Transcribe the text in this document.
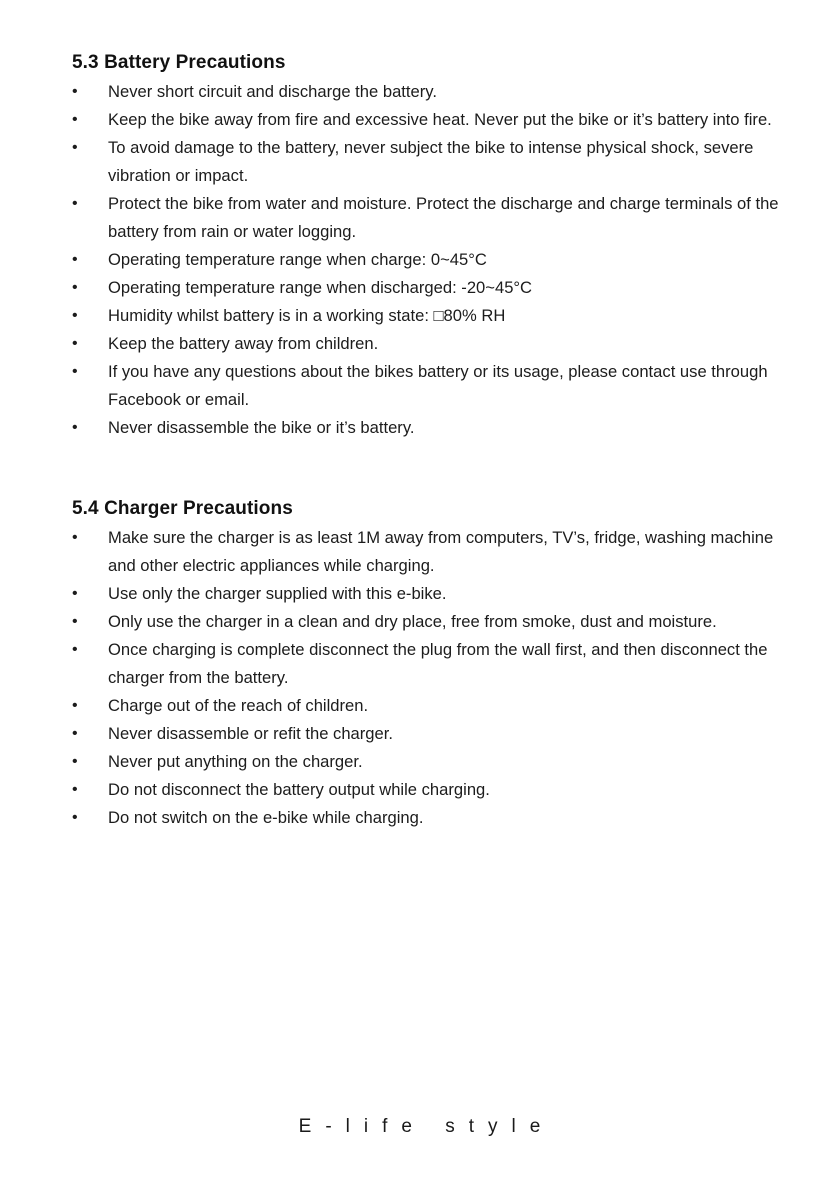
5.3 Battery Precautions
•	Never short circuit and discharge the battery.
•	Keep the bike away from fire and excessive heat. Never put the bike or it’s battery into fire.
•	To avoid damage to the battery, never subject the bike to intense physical shock, severe vibration or impact.
•	Protect the bike from water and moisture. Protect the discharge and charge terminals of the battery from rain or water logging.
•	Operating temperature range when charge: 0~45°C
•	Operating temperature range when discharged: -20~45°C
•	Humidity whilst battery is in a working state: □80% RH
•	Keep the battery away from children.
•	If you have any questions about the bikes battery or its usage, please contact use through Facebook or email.
•	Never disassemble the bike or it’s battery.
5.4 Charger Precautions
•	Make sure the charger is as least 1M away from computers, TV’s, fridge, washing machine and other electric appliances while charging.
•	Use only the charger supplied with this e-bike.
•	Only use the charger in a clean and dry place, free from smoke, dust and moisture.
•	Once charging is complete disconnect the plug from the wall first, and then disconnect the charger from the battery.
•	Charge out of the reach of children.
•	Never disassemble or refit the charger.
•	Never put anything on the charger.
•	Do not disconnect the battery output while charging.
•	Do not switch on the e-bike while charging.
E-life style
